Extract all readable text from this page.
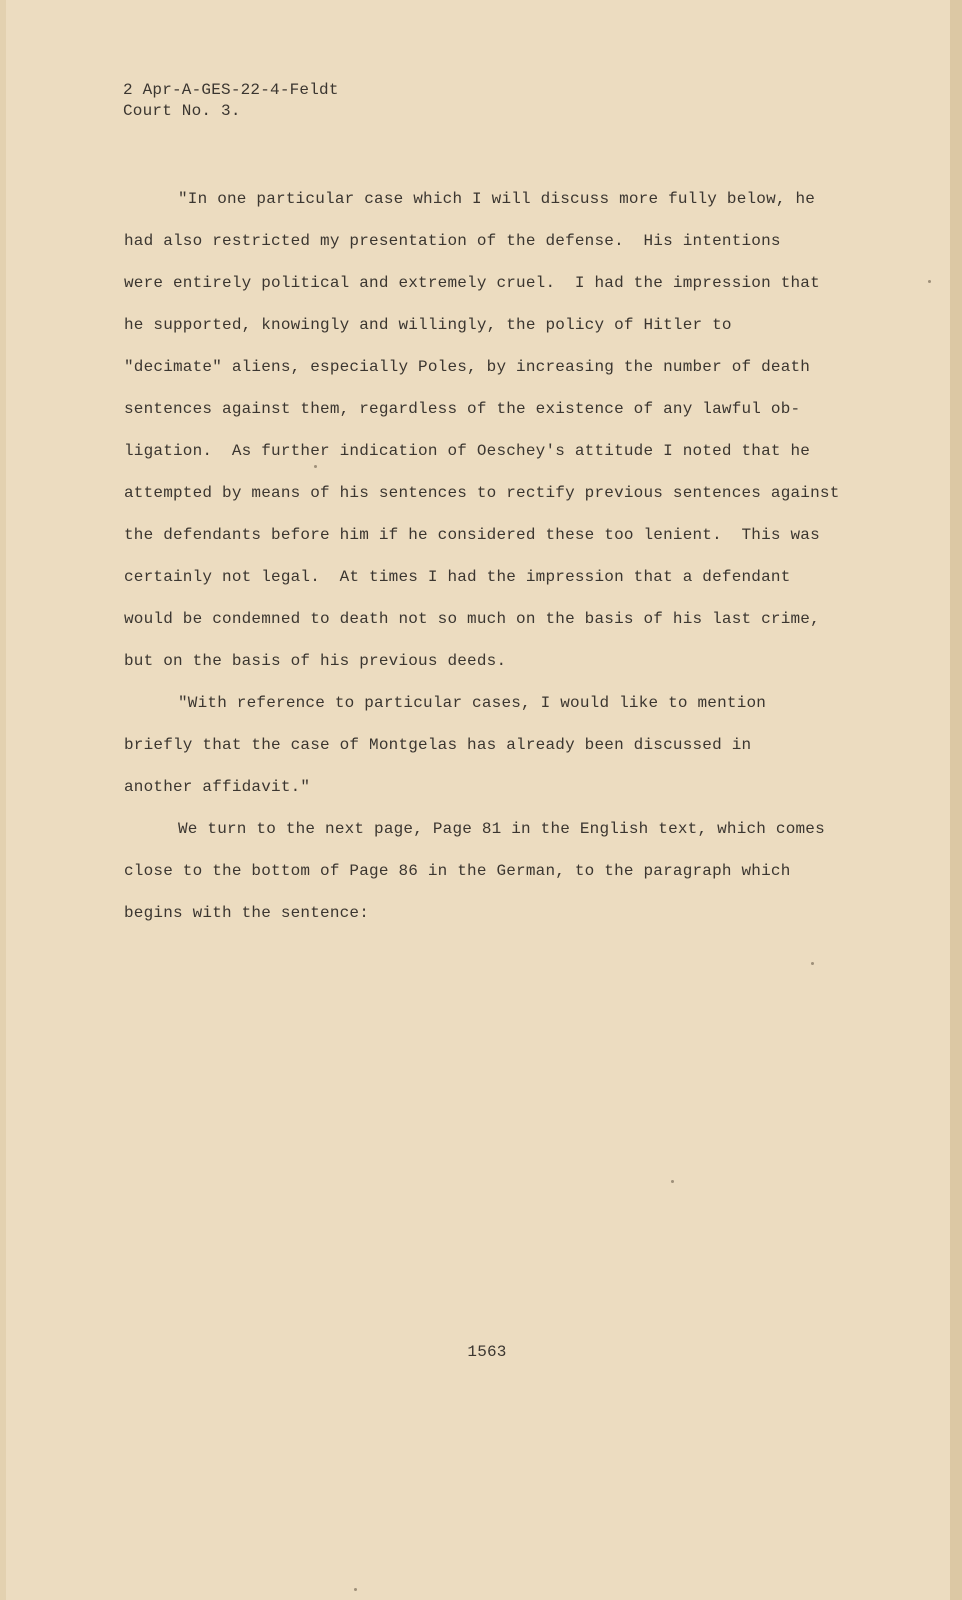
2 Apr-A-GES-22-4-Feldt
Court No. 3.
"In one particular case which I will discuss more fully below, he
had also restricted my presentation of the defense.  His intentions
were entirely political and extremely cruel.  I had the impression that
he supported, knowingly and willingly, the policy of Hitler to
"decimate" aliens, especially Poles, by increasing the number of death
sentences against them, regardless of the existence of any lawful ob-
ligation.  As further indication of Oeschey's attitude I noted that he
attempted by means of his sentences to rectify previous sentences against
the defendants before him if he considered these too lenient.  This was
certainly not legal.  At times I had the impression that a defendant
would be condemned to death not so much on the basis of his last crime,
but on the basis of his previous deeds.
"With reference to particular cases, I would like to mention
briefly that the case of Montgelas has already been discussed in
another affidavit."
We turn to the next page, Page 81 in the English text, which comes
close to the bottom of Page 86 in the German, to the paragraph which
begins with the sentence:
1563
